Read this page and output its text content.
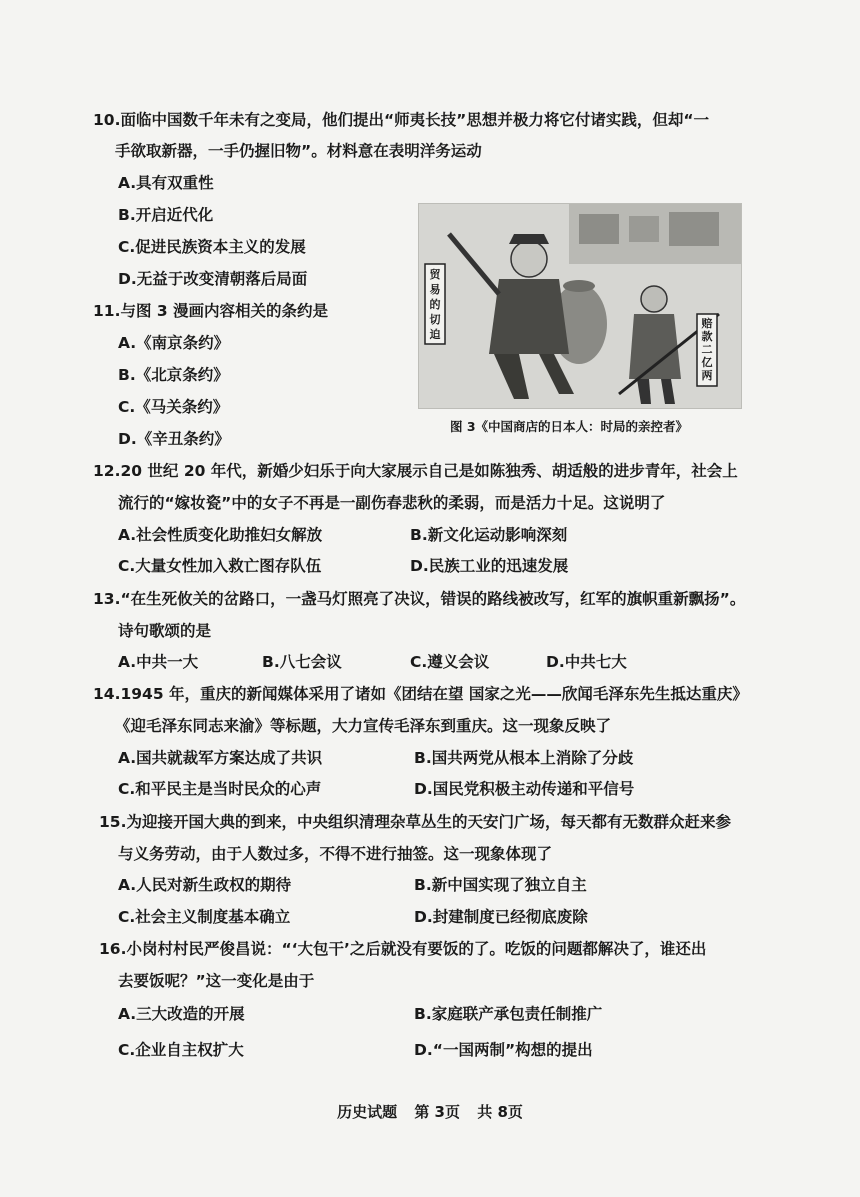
10.面临中国数千年未有之变局，他们提出“师夷长技”思想并极力将它付诸实践，但却“一
手欲取新器，一手仍握旧物”。材料意在表明洋务运动
A.具有双重性
B.开启近代化
C.促进民族资本主义的发展
D.无益于改变清朝落后局面
11.与图 3 漫画内容相关的条约是
A.《南京条约》
B.《北京条约》
C.《马关条约》
D.《辛丑条约》
贸易的切迫
赔款二亿两
图 3《中国商店的日本人：时局的亲控者》
12.20 世纪 20 年代，新婚少妇乐于向大家展示自己是如陈独秀、胡适般的进步青年，社会上
流行的“嫁妆瓷”中的女子不再是一副伤春悲秋的柔弱，而是活力十足。这说明了
A.社会性质变化助推妇女解放	B.新文化运动影响深刻
C.大量女性加入救亡图存队伍	D.民族工业的迅速发展
13.“在生死攸关的岔路口，一盏马灯照亮了决议，错误的路线被改写，红军的旗帜重新飘扬”。
诗句歌颂的是
A.中共一大	B.八七会议	C.遵义会议	D.中共七大
14.1945 年，重庆的新闻媒体采用了诸如《团结在望 国家之光——欣闻毛泽东先生抵达重庆》
《迎毛泽东同志来渝》等标题，大力宣传毛泽东到重庆。这一现象反映了
A.国共就裁军方案达成了共识	B.国共两党从根本上消除了分歧
C.和平民主是当时民众的心声	D.国民党积极主动传递和平信号
15.为迎接开国大典的到来，中央组织清理杂草丛生的天安门广场，每天都有无数群众赶来参
与义务劳动，由于人数过多，不得不进行抽签。这一现象体现了
A.人民对新生政权的期待	B.新中国实现了独立自主
C.社会主义制度基本确立	D.封建制度已经彻底废除
16.小岗村村民严俊昌说：“‘大包干’之后就没有要饭的了。吃饭的问题都解决了，谁还出
去要饭呢？”这一变化是由于
A.三大改造的开展	B.家庭联产承包责任制推广
C.企业自主权扩大	D.“一国两制”构想的提出
历史试题 第 3页 共 8页
